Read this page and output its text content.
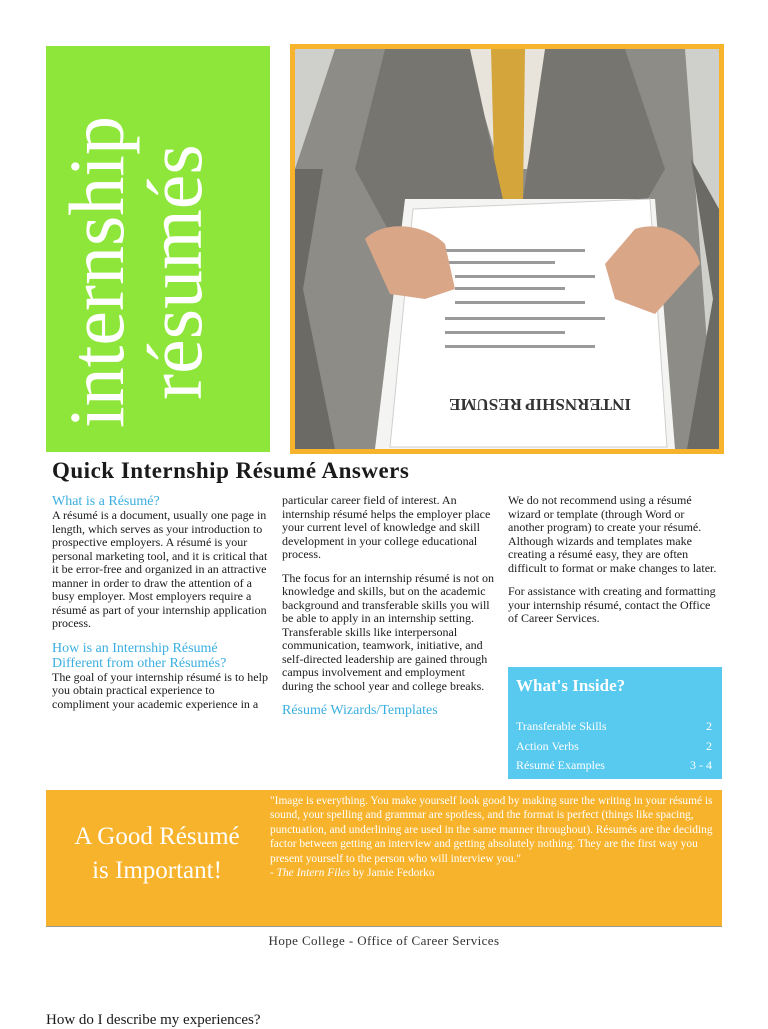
internship
résumés
INTERNSHIP RESUME
Quick Internship Résumé Answers
What is a Résumé?

A résumé is a document, usually one page in length, which serves as your introduction to prospective employers. A résumé is your personal marketing tool, and it is critical that it be error-free and organized in an attractive manner in order to draw the attention of a busy employer. Most employers require a résumé as part of your internship application process.

How is an Internship Résumé Different from other Résumés?

The goal of your internship résumé is to help you obtain practical experience to compliment your academic experience in a

particular career field of interest. An internship résumé helps the employer place your current level of knowledge and skill development in your college educational process.

The focus for an internship résumé is not on knowledge and skills, but on the academic background and transferable skills you will be able to apply in an internship setting. Transferable skills like interpersonal communication, teamwork, initiative, and self-directed leadership are gained through campus involvement and employment during the school year and college breaks.

Résumé Wizards/Templates

We do not recommend using a résumé wizard or template (through Word or another program) to create your résumé. Although wizards and templates make creating a résumé easy, they are often difficult to format or make changes to later.

For assistance with creating and formatting your internship résumé, contact the Office of Career Services.

What's Inside?
Transferable Skills	2
Action Verbs	2
Résumé Examples	3 - 4
A Good Résumé
is Important!
"Image is everything. You make yourself look good by making sure the writing in your résumé is sound, your spelling and grammar are spotless, and the format is perfect (things like spacing, punctuation, and underlining are used in the same manner throughout). Résumés are the deciding factor between getting an interview and getting absolutely nothing. They are the first way you present yourself to the person who will interview you."
- The Intern Files by Jamie Fedorko
Hope College - Office of Career Services
How do I describe my experiences?
